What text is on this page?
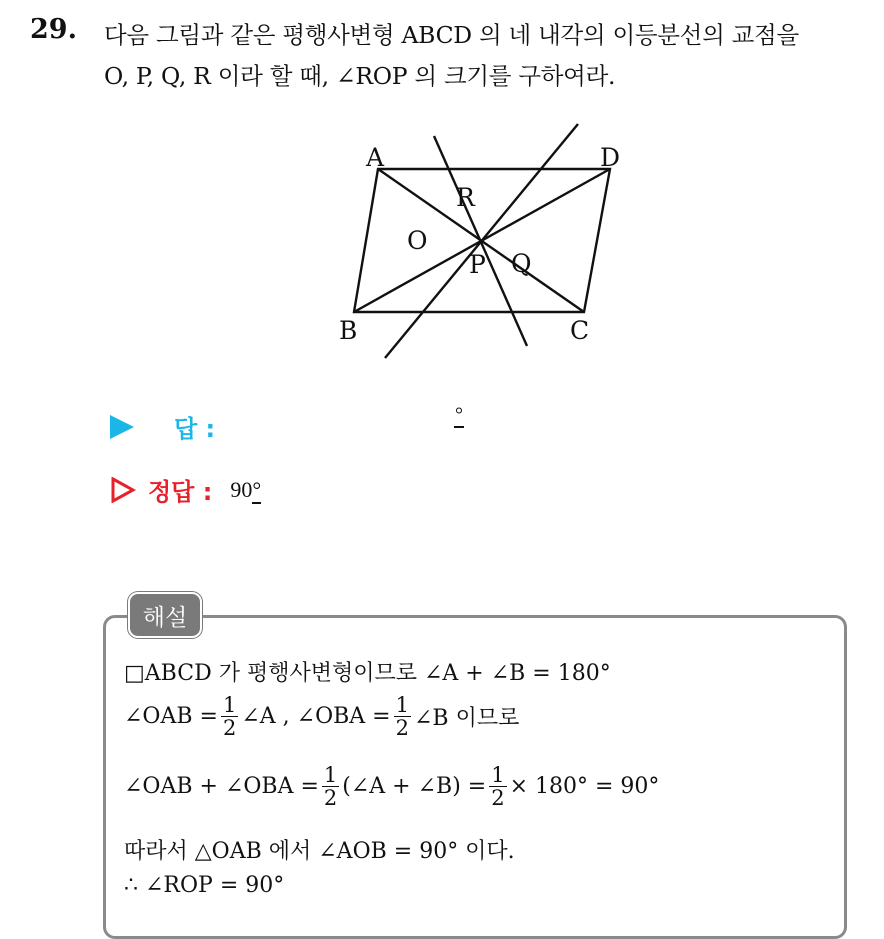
29. 다음 그림과 같은 평행사변형 ABCD 의 네 내각의 이등분선의 교점을
O, P, Q, R 이라 할 때, ∠ROP 의 크기를 구하여라.
A	D
B	C
R
O
P Q
답 :	°
정답 : 90°
해설
□ABCD 가 평행사변형이므로 ∠A + ∠B = 180°
∠OAB = $\frac{1}{2}$ ∠A , ∠OBA = $\frac{1}{2}$ ∠B 이므로
∠OAB + ∠OBA = $\frac{1}{2}$ (∠A + ∠B) = $\frac{1}{2} \times 180^\circ = 90^\circ$
따라서 △OAB 에서 ∠AOB = 90° 이다.
∴ ∠ROP = 90°
